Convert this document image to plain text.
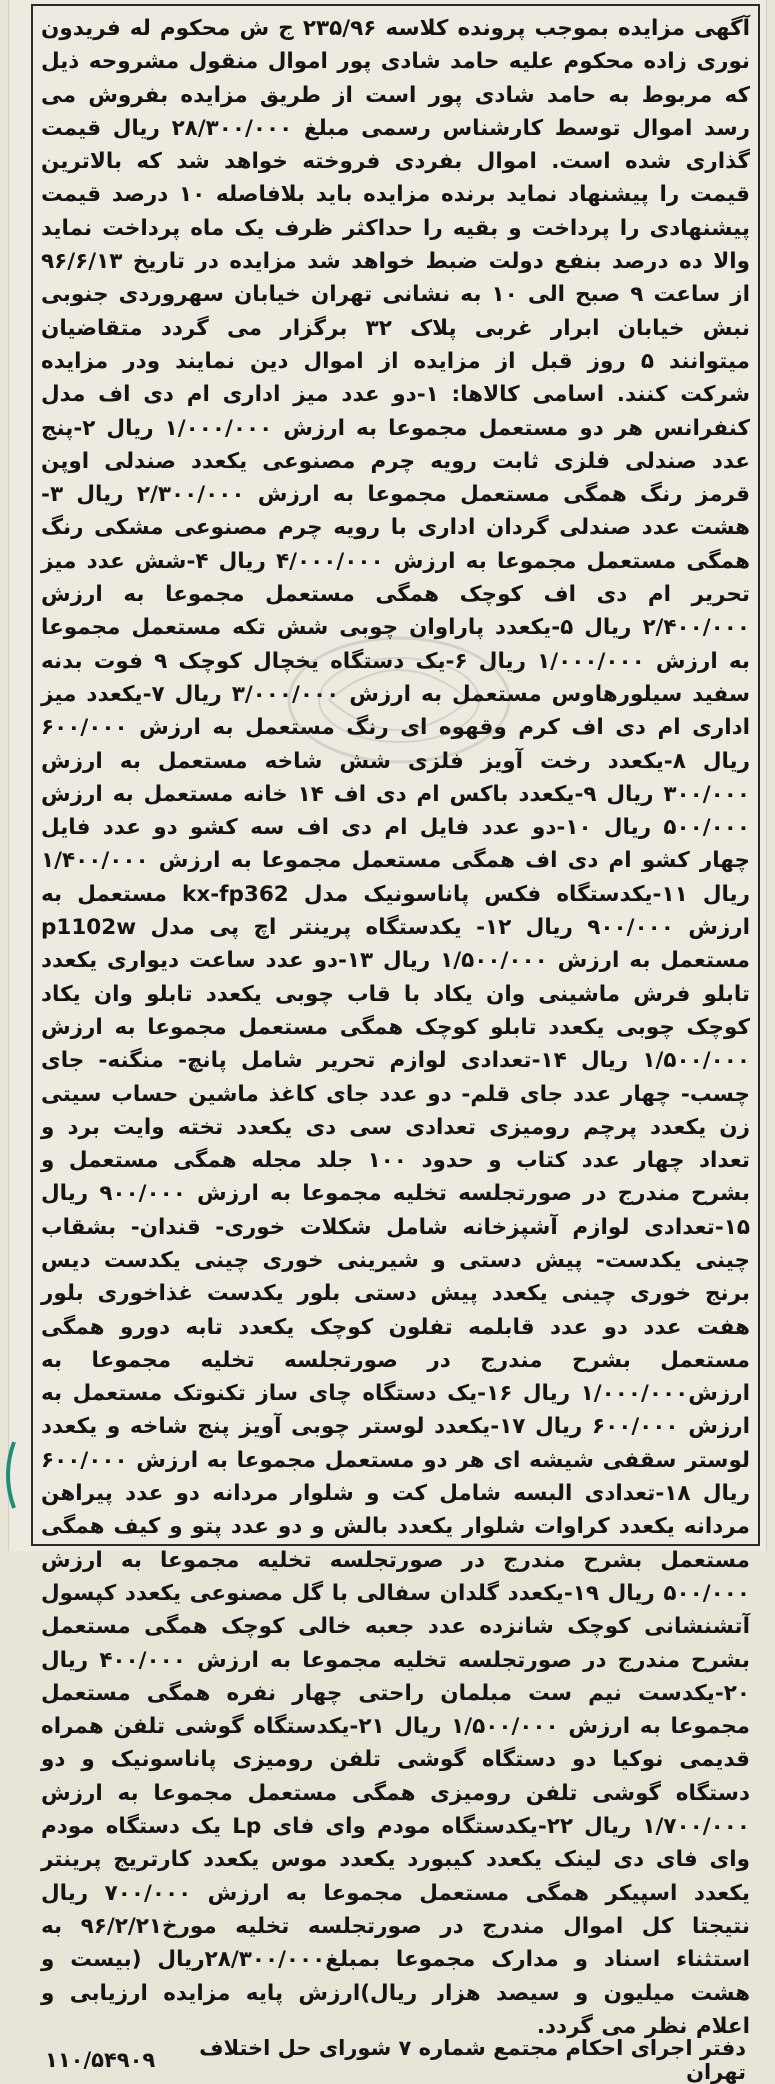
آگهی مزایده بموجب پرونده کلاسه ۲۳۵/۹۶ ج ش محکوم له فریدون نوری زاده محکوم علیه حامد شادی پور اموال منقول مشروحه ذیل که مربوط به حامد شادی پور است از طریق مزایده بفروش می رسد اموال توسط کارشناس رسمی مبلغ ۲۸/۳۰۰/۰۰۰ ریال قیمت گذاری شده است. اموال بفردی فروخته خواهد شد که بالاترین قیمت را پیشنهاد نماید برنده مزایده باید بلافاصله ۱۰ درصد قیمت پیشنهادی را پرداخت و بقیه را حداکثر ظرف یک ماه پرداخت نماید والا ده درصد بنفع دولت ضبط خواهد شد مزایده در تاریخ ۹۶/۶/۱۳ از ساعت ۹ صبح الی ۱۰ به نشانی تهران خیابان سهروردی جنوبی نبش خیابان ابرار غربی پلاک ۳۲ برگزار می گردد متقاضیان میتوانند ۵ روز قبل از مزایده از اموال دین نمایند ودر مزایده شرکت کنند. اسامی کالاها: ۱-دو عدد میز اداری ام دی اف مدل کنفرانس هر دو مستعمل مجموعا به ارزش ۱/۰۰۰/۰۰۰ ریال ۲-پنج عدد صندلی فلزی ثابت رویه چرم مصنوعی یکعدد صندلی اوپن قرمز رنگ همگی مستعمل مجموعا به ارزش ۲/۳۰۰/۰۰۰ ریال ۳-هشت عدد صندلی گردان اداری با رویه چرم مصنوعی مشکی رنگ همگی مستعمل مجموعا به ارزش ۴/۰۰۰/۰۰۰ ریال ۴-شش عدد میز تحریر ام دی اف کوچک همگی مستعمل مجموعا به ارزش ۲/۴۰۰/۰۰۰ ریال ۵-یکعدد پاراوان چوبی شش تکه مستعمل مجموعا به ارزش ۱/۰۰۰/۰۰۰ ریال ۶-یک دستگاه یخچال کوچک ۹ فوت بدنه سفید سیلورهاوس مستعمل به ارزش ۳/۰۰۰/۰۰۰ ریال ۷-یکعدد میز اداری ام دی اف کرم وقهوه ای رنگ مستعمل به ارزش ۶۰۰/۰۰۰ ریال ۸-یکعدد رخت آویز فلزی شش شاخه مستعمل به ارزش ۳۰۰/۰۰۰ ریال ۹-یکعدد باکس ام دی اف ۱۴ خانه مستعمل به ارزش ۵۰۰/۰۰۰ ریال ۱۰-دو عدد فایل ام دی اف سه کشو دو عدد فایل چهار کشو ام دی اف همگی مستعمل مجموعا به ارزش ۱/۴۰۰/۰۰۰ ریال ۱۱-یکدستگاه فکس پاناسونیک مدل kx-fp362 مستعمل به ارزش ۹۰۰/۰۰۰ ریال ۱۲- یکدستگاه پرینتر اچ پی مدل p1102w مستعمل به ارزش ۱/۵۰۰/۰۰۰ ریال ۱۳-دو عدد ساعت دیواری یکعدد تابلو فرش ماشینی وان یکاد با قاب چوبی یکعدد تابلو وان یکاد کوچک چوبی یکعدد تابلو کوچک همگی مستعمل مجموعا به ارزش ۱/۵۰۰/۰۰۰ ریال ۱۴-تعدادی لوازم تحریر شامل پانچ- منگنه- جای چسب- چهار عدد جای قلم- دو عدد جای کاغذ ماشین حساب سیتی زن یکعدد پرچم رومیزی تعدادی سی دی یکعدد تخته وایت برد و تعداد چهار عدد کتاب و حدود ۱۰۰ جلد مجله همگی مستعمل و بشرح مندرج در صورتجلسه تخلیه مجموعا به ارزش ۹۰۰/۰۰۰ ریال ۱۵-تعدادی لوازم آشپزخانه شامل شکلات خوری- قندان- بشقاب چینی یکدست- پیش دستی و شیرینی خوری چینی یکدست دیس برنج خوری چینی یکعدد پیش دستی بلور یکدست غذاخوری بلور هفت عدد دو عدد قابلمه تفلون کوچک یکعدد تابه دورو همگی مستعمل بشرح مندرج در صورتجلسه تخلیه مجموعا به ارزش۱/۰۰۰/۰۰۰ ریال ۱۶-یک دستگاه چای ساز تکنوتک مستعمل به ارزش ۶۰۰/۰۰۰ ریال ۱۷-یکعدد لوستر چوبی آویز پنج شاخه و یکعدد لوستر سقفی شیشه ای هر دو مستعمل مجموعا به ارزش ۶۰۰/۰۰۰ ریال ۱۸-تعدادی البسه شامل کت و شلوار مردانه دو عدد پیراهن مردانه یکعدد کراوات شلوار یکعدد بالش و دو عدد پتو و کیف همگی مستعمل بشرح مندرج در صورتجلسه تخلیه مجموعا به ارزش ۵۰۰/۰۰۰ ریال ۱۹-یکعدد گلدان سفالی با گل مصنوعی یکعدد کپسول آتشنشانی کوچک شانزده عدد جعبه خالی کوچک همگی مستعمل بشرح مندرج در صورتجلسه تخلیه مجموعا به ارزش ۴۰۰/۰۰۰ ریال ۲۰-یکدست نیم ست مبلمان راحتی چهار نفره همگی مستعمل مجموعا به ارزش ۱/۵۰۰/۰۰۰ ریال ۲۱-یکدستگاه گوشی تلفن همراه قدیمی نوکیا دو دستگاه گوشی تلفن رومیزی پاناسونیک و دو دستگاه گوشی تلفن رومیزی همگی مستعمل مجموعا به ارزش ۱/۷۰۰/۰۰۰ ریال ۲۲-یکدستگاه مودم وای فای Lp یک دستگاه مودم وای فای دی لینک یکعدد کیبورد یکعدد موس یکعدد کارتریج پرینتر یکعدد اسپیکر همگی مستعمل مجموعا به ارزش ۷۰۰/۰۰۰ ریال نتیجتا کل اموال مندرج در صورتجلسه تخلیه مورخ۹۶/۲/۲۱ به استثناء اسناد و مدارک مجموعا بمبلغ۲۸/۳۰۰/۰۰۰ریال (بیست و هشت میلیون و سیصد هزار ریال)ارزش پایه مزایده ارزیابی و اعلام نظر می گردد.
دفتر اجرای احکام مجتمع شماره ۷ شورای حل اختلاف تهران
۱۱۰/۵۴۹۰۹
